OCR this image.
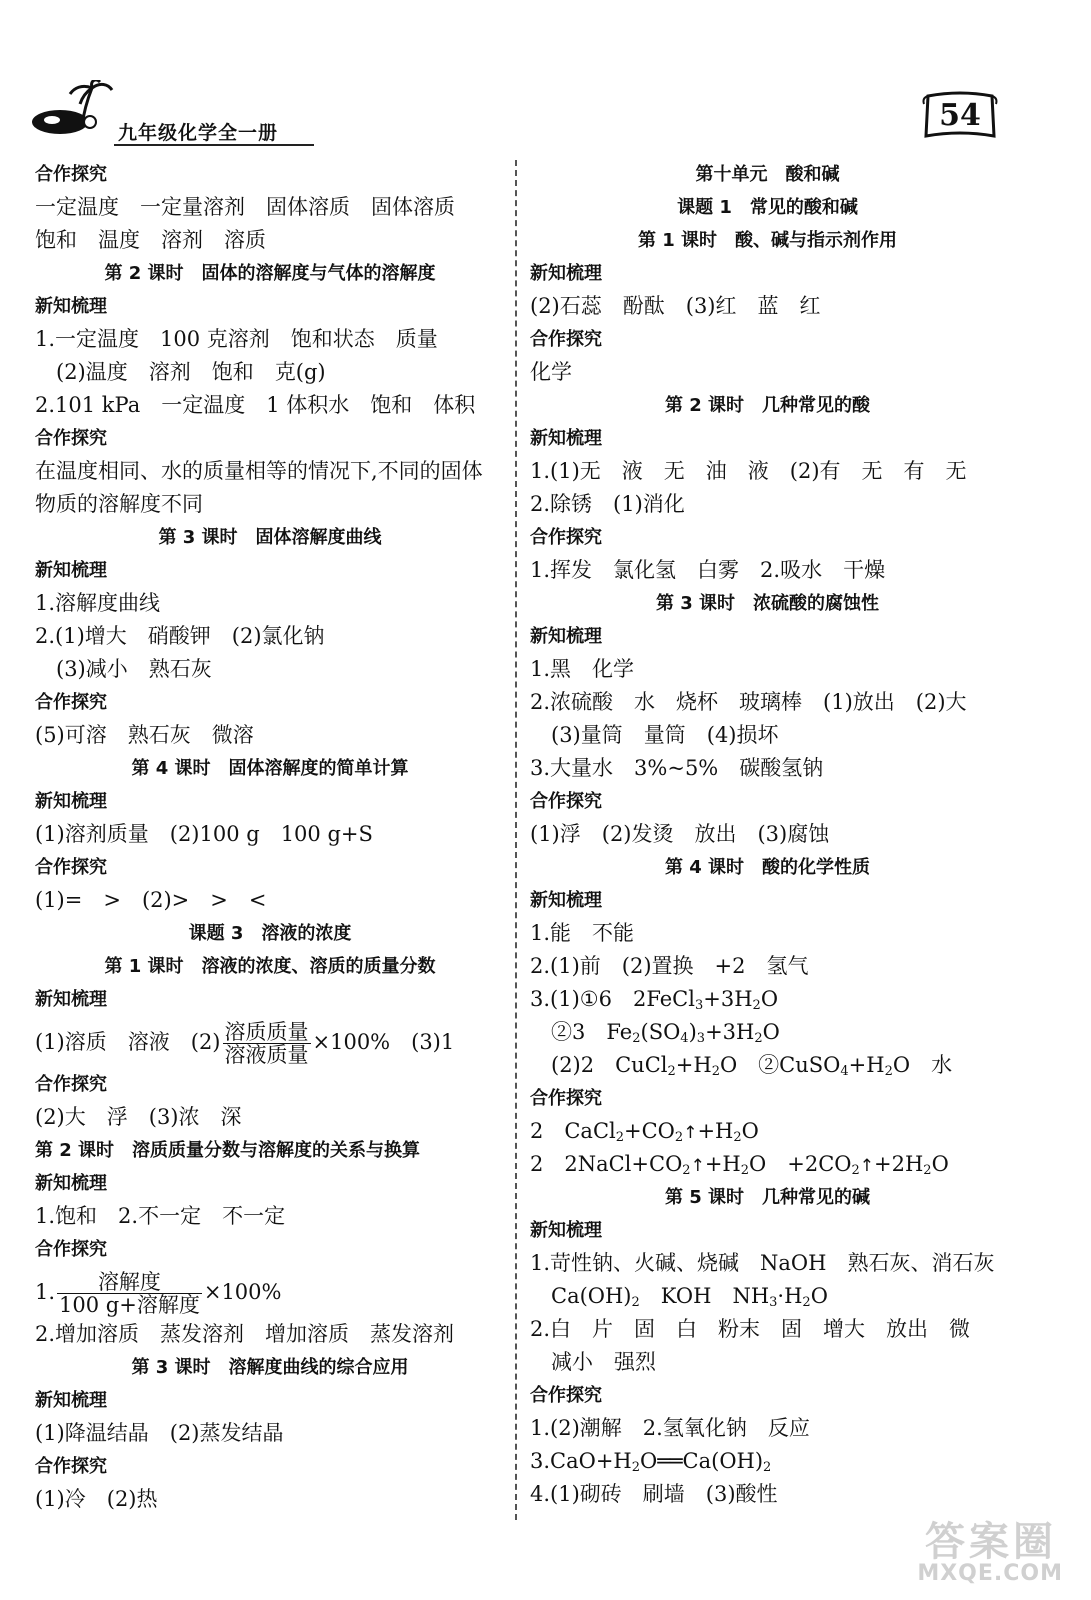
九年级化学全一册	54
合作探究
一定温度　一定量溶剂　固体溶质　固体溶质
饱和　温度　溶剂　溶质
第 2 课时　固体的溶解度与气体的溶解度
新知梳理
1.一定温度　100 克溶剂　饱和状态　质量
　(2)温度　溶剂　饱和　克(g)
2.101 kPa　一定温度　1 体积水　饱和　体积
合作探究
在温度相同、水的质量相等的情况下,不同的固体
物质的溶解度不同
第 3 课时　固体溶解度曲线
新知梳理
1.溶解度曲线
2.(1)增大　硝酸钾　(2)氯化钠
　(3)减小　熟石灰
合作探究
(5)可溶　熟石灰　微溶
第 4 课时　固体溶解度的简单计算
新知梳理
(1)溶剂质量　(2)100 g　100 g+S
合作探究
(1)=　>　(2)>　>　<
课题 3　溶液的浓度
第 1 课时　溶液的浓度、溶质的质量分数
新知梳理
(1)溶质　溶液　$(2) \frac{\text{溶质质量}}{\text{溶液质量}} \times 100\%$　(3)1
合作探究
(2)大　浮　(3)浓　深
第 2 课时　溶质质量分数与溶解度的关系与换算
新知梳理
1.饱和　2.不一定　不一定
合作探究
1. $\frac{\text{溶解度}}{\text{100 g+溶解度}} \times 100\%$
2.增加溶质　蒸发溶剂　增加溶质　蒸发溶剂
第 3 课时　溶解度曲线的综合应用
新知梳理
(1)降温结晶　(2)蒸发结晶
合作探究
(1)冷　(2)热
第十单元　酸和碱
课题 1　常见的酸和碱
第 1 课时　酸、碱与指示剂作用
新知梳理
(2)石蕊　酚酞　(3)红　蓝　红
合作探究
化学
第 2 课时　几种常见的酸
新知梳理
1.(1)无　液　无　油　液　(2)有　无　有　无
2.除锈　(1)消化
合作探究
1.挥发　氯化氢　白雾　2.吸水　干燥
第 3 课时　浓硫酸的腐蚀性
新知梳理
1.黑　化学
2.浓硫酸　水　烧杯　玻璃棒　(1)放出　(2)大
　(3)量筒　量筒　(4)损坏
3.大量水　3%~5%　碳酸氢钠
合作探究
(1)浮　(2)发烫　放出　(3)腐蚀
第 4 课时　酸的化学性质
新知梳理
1.能　不能
2.(1)前　(2)置换　+2　氢气
3.(1)①6　$2FeCl_3+3H_2O$
　②3　$Fe_2(SO_4)_3+3H_2O$
　(2)2　$CuCl_2+H_2O$　$②CuSO_4+H_2O$　水
合作探究
2　$CaCl_2+CO_2↑+H_2O$
2　$2NaCl+CO_2↑+H_2O$　$+2CO_2↑+2H_2O$
第 5 课时　几种常见的碱
新知梳理
1.苛性钠、火碱、烧碱　NaOH　熟石灰、消石灰
　$Ca(OH)_2$　KOH　$NH_3\cdot H_2O$
2.白　片　固　白　粉末　固　增大　放出　微
　减小　强烈
合作探究
1.(2)潮解　2.氢氧化钠　反应
$3.CaO+H_2O══Ca(OH)_2$
4.(1)砌砖　刷墙　(3)酸性
答案圈
MXQE.COM
